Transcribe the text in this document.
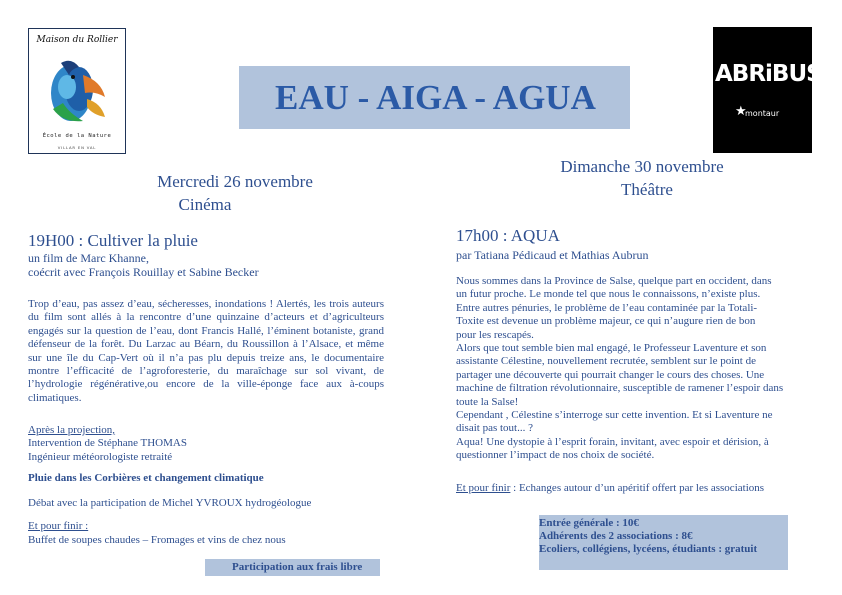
Maison du Rollier
École de la Nature
VILLAR EN VAL
ABRiBUS
★
montaur
EAU - AIGA - AGUA
Mercredi 26 novembre
Cinéma
19H00 : Cultiver la pluie
un film de Marc Khanne,
coécrit avec François Rouillay et Sabine Becker
Trop d’eau, pas assez d’eau, sécheresses, inondations ! Alertés, les trois auteurs du film sont allés à la rencontre d’une quinzaine d’acteurs et d’agriculteurs engagés sur la question de l’eau, dont Francis Hallé, l’éminent botaniste, grand défenseur de la forêt. Du Larzac au Béarn, du Roussillon à l’Alsace, et même sur une île du Cap-Vert où il n’a pas plu depuis treize ans, le documentaire montre l’efficacité de l’agroforesterie, du maraîchage sur sol vivant, de l’hydrologie régénérative,ou encore de la ville-éponge face aux à-coups climatiques.
Après la projection,
Intervention de Stéphane THOMAS
Ingénieur météorologiste retraité
Pluie dans les Corbières et changement climatique
Débat avec la participation de Michel YVROUX hydrogéologue
Et pour finir :
Buffet de soupes chaudes – Fromages et vins de chez nous
Participation aux frais libre
Dimanche 30 novembre
Théâtre
17h00 : AQUA
par Tatiana Pédicaud et Mathias Aubrun
Nous sommes dans la Province de Salse, quelque part en occident, dans
un futur proche. Le monde tel que nous le connaissons, n’existe plus.
Entre autres pénuries, le problème de l’eau contaminée par la Totali-
Toxite est devenue un problème majeur, ce qui n’augure rien de bon
pour les rescapés.
Alors que tout semble bien mal engagé, le Professeur Laventure et son
assistante Célestine, nouvellement recrutée, semblent sur le point de
partager une découverte qui pourrait changer le cours des choses. Une
machine de filtration révolutionnaire, susceptible de ramener l’espoir dans
toute la Salse!
Cependant , Célestine s’interroge sur cette invention. Et si Laventure ne
disait pas tout... ?
Aqua! Une dystopie à l’esprit forain, invitant, avec espoir et dérision, à
questionner l’impact de nos choix de société.
Et pour finir : Echanges autour d’un apéritif offert par les associations
Entrée générale : 10€
Adhérents des 2 associations : 8€
Ecoliers, collégiens, lycéens, étudiants : gratuit
